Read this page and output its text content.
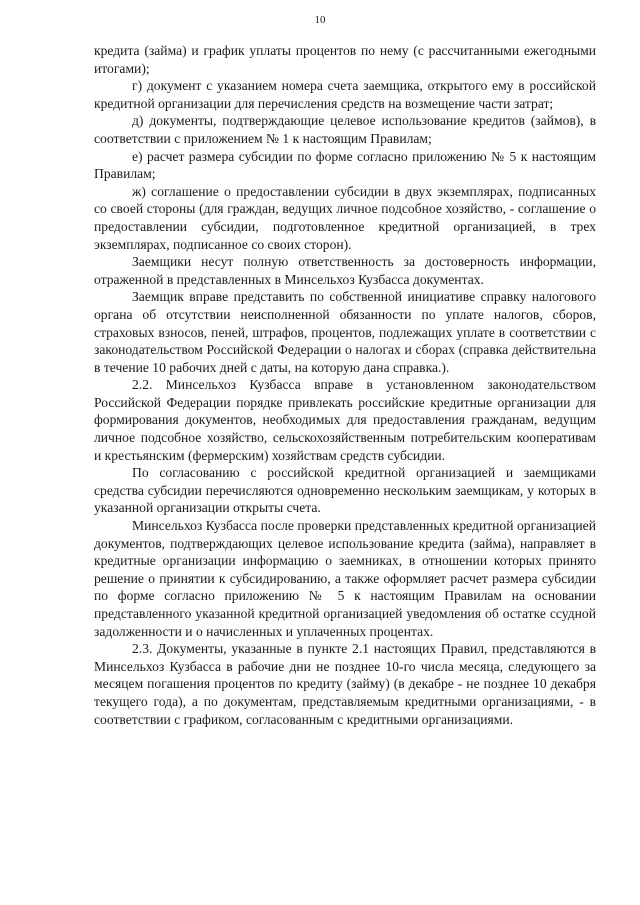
10

кредита (займа) и график уплаты процентов по нему (с рассчитанными ежегодными итогами);

г) документ с указанием номера счета заемщика, открытого ему в российской кредитной организации для перечисления средств на возмещение части затрат;

д) документы, подтверждающие целевое использование кредитов (займов), в соответствии с приложением № 1 к настоящим Правилам;

е) расчет размера субсидии по форме согласно приложению № 5 к настоящим Правилам;

ж) соглашение о предоставлении субсидии в двух экземплярах, подписанных со своей стороны (для граждан, ведущих личное подсобное хозяйство, - соглашение о предоставлении субсидии, подготовленное кредитной организацией, в трех экземплярах, подписанное со своих сторон).

Заемщики несут полную ответственность за достоверность информации, отраженной в представленных в Минсельхоз Кузбасса документах.

Заемщик вправе представить по собственной инициативе справку налогового органа об отсутствии неисполненной обязанности по уплате налогов, сборов, страховых взносов, пеней, штрафов, процентов, подлежащих уплате в соответствии с законодательством Российской Федерации о налогах и сборах (справка действительна в течение 10 рабочих дней с даты, на которую дана справка.).

2.2. Минсельхоз Кузбасса вправе в установленном законодательством Российской Федерации порядке привлекать российские кредитные организации для формирования документов, необходимых для предоставления гражданам, ведущим личное подсобное хозяйство, сельскохозяйственным потребительским кооперативам и крестьянским (фермерским) хозяйствам средств субсидии.

По согласованию с российской кредитной организацией и заемщиками средства субсидии перечисляются одновременно нескольким заемщикам, у которых в указанной организации открыты счета.

Минсельхоз Кузбасса после проверки представленных кредитной организацией документов, подтверждающих целевое использование кредита (займа), направляет в кредитные организации информацию о заемниках, в отношении которых принято решение о принятии к субсидированию, а также оформляет расчет размера субсидии по форме согласно приложению № 5 к настоящим Правилам на основании представленного указанной кредитной организацией уведомления об остатке ссудной задолженности и о начисленных и уплаченных процентах.

2.3. Документы, указанные в пункте 2.1 настоящих Правил, представляются в Минсельхоз Кузбасса в рабочие дни не позднее 10-го числа месяца, следующего за месяцем погашения процентов по кредиту (займу) (в декабре - не позднее 10 декабря текущего года), а по документам, представляемым кредитными организациями, - в соответствии с графиком, согласованным с кредитными организациями.
